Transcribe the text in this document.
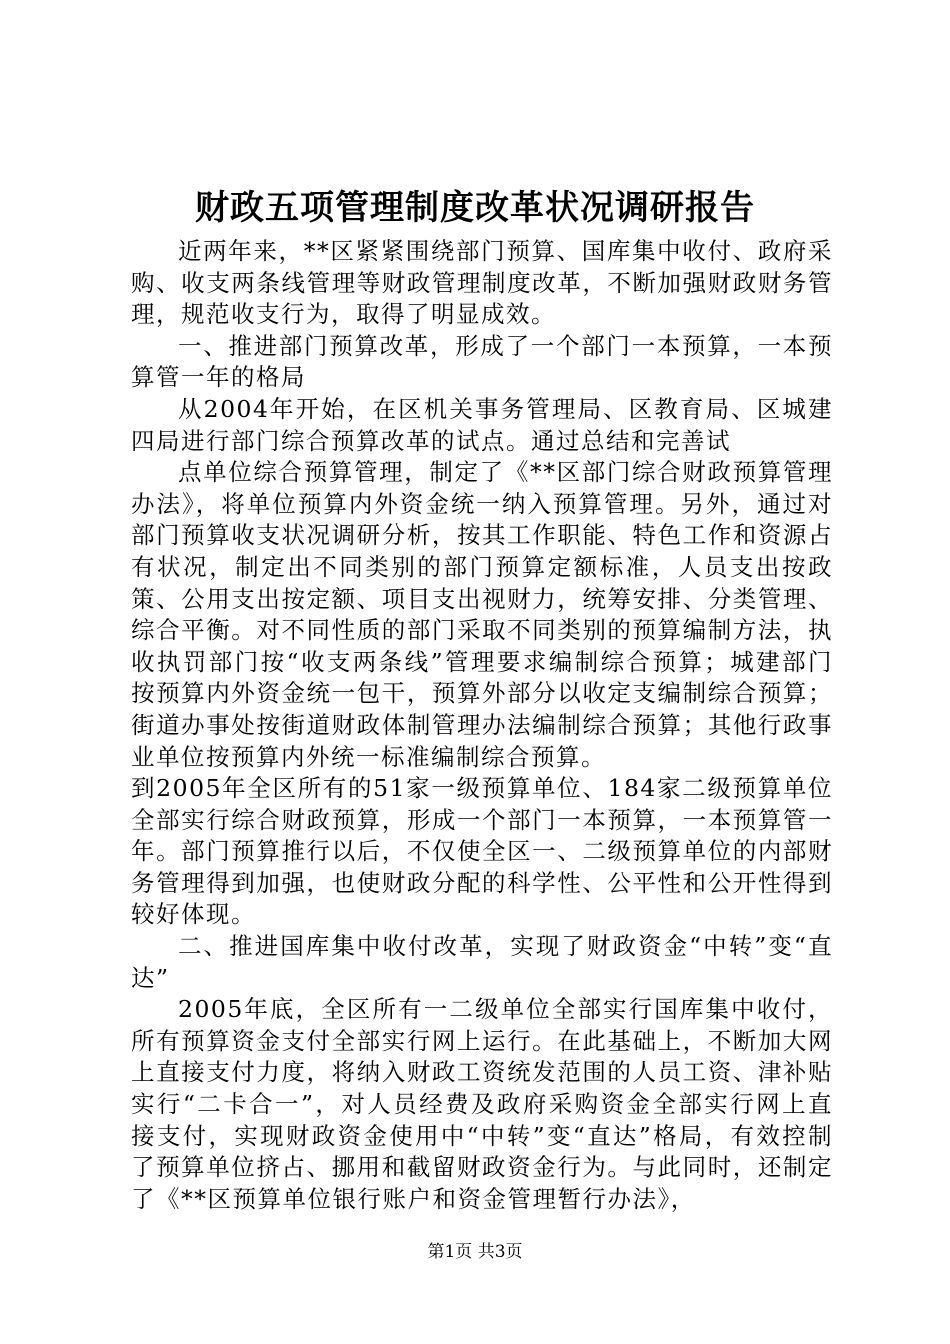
财政五项管理制度改革状况调研报告

近两年来，**区紧紧围绕部门预算、国库集中收付、政府采购、收支两条线管理等财政管理制度改革，不断加强财政财务管理，规范收支行为，取得了明显成效。

一、推进部门预算改革，形成了一个部门一本预算，一本预算管一年的格局

从2004年开始，在区机关事务管理局、区教育局、区城建四局进行部门综合预算改革的试点。通过总结和完善试

点单位综合预算管理，制定了《**区部门综合财政预算管理办法》，将单位预算内外资金统一纳入预算管理。另外，通过对部门预算收支状况调研分析，按其工作职能、特色工作和资源占有状况，制定出不同类别的部门预算定额标准，人员支出按政策、公用支出按定额、项目支出视财力，统筹安排、分类管理、综合平衡。对不同性质的部门采取不同类别的预算编制方法，执收执罚部门按“收支两条线”管理要求编制综合预算；城建部门按预算内外资金统一包干，预算外部分以收定支编制综合预算；街道办事处按街道财政体制管理办法编制综合预算；其他行政事业单位按预算内外统一标准编制综合预算。

到2005年全区所有的51家一级预算单位、184家二级预算单位全部实行综合财政预算，形成一个部门一本预算，一本预算管一年。部门预算推行以后，不仅使全区一、二级预算单位的内部财务管理得到加强，也使财政分配的科学性、公平性和公开性得到较好体现。

二、推进国库集中收付改革，实现了财政资金“中转”变“直达”

2005年底，全区所有一二级单位全部实行国库集中收付，所有预算资金支付全部实行网上运行。在此基础上，不断加大网上直接支付力度，将纳入财政工资统发范围的人员工资、津补贴实行“二卡合一”，对人员经费及政府采购资金全部实行网上直接支付，实现财政资金使用中“中转”变“直达”格局，有效控制了预算单位挤占、挪用和截留财政资金行为。与此同时，还制定了《**区预算单位银行账户和资金管理暂行办法》，

第1页 共3页
